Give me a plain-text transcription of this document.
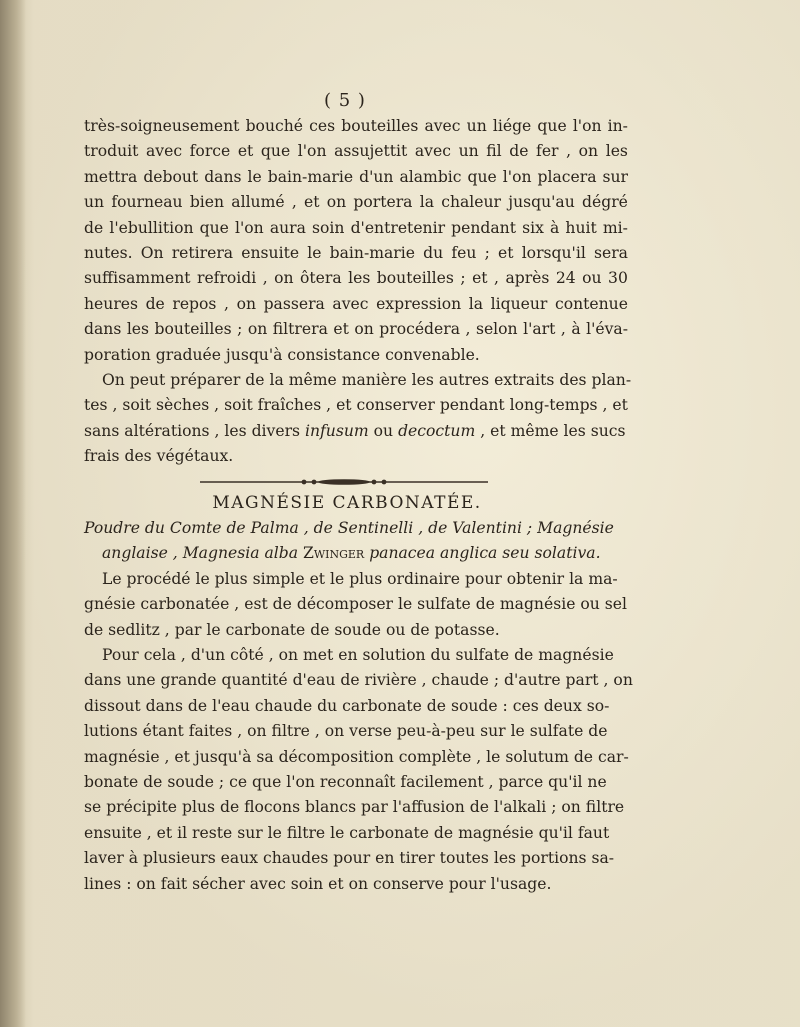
( 5 )
très-soigneusement bouché ces bouteilles avec un liége que l'on in-
troduit avec force et que l'on assujettit avec un fil de fer , on les
mettra debout dans le bain-marie d'un alambic que l'on placera sur
un fourneau bien allumé , et on portera la chaleur jusqu'au dégré
de l'ebullition que l'on aura soin d'entretenir pendant six à huit mi-
nutes. On retirera ensuite le bain-marie du feu ; et lorsqu'il sera
suffisamment refroidi , on ôtera les bouteilles ; et , après 24 ou 30
heures de repos , on passera avec expression la liqueur contenue
dans les bouteilles ; on filtrera et on procédera , selon l'art , à l'éva-
poration graduée jusqu'à consistance convenable.
On peut préparer de la même manière les autres extraits des plan-
tes , soit sèches , soit fraîches , et conserver pendant long-temps , et
sans altérations , les divers infusum ou decoctum , et même les sucs
frais des végétaux.
MAGNÉSIE CARBONATÉE.
Poudre du Comte de Palma , de Sentinelli , de Valentini ; Magnésie
anglaise , Magnesia alba Zwinger panacea anglica seu solativa.
Le procédé le plus simple et le plus ordinaire pour obtenir la ma-
gnésie carbonatée , est de décomposer le sulfate de magnésie ou sel
de sedlitz , par le carbonate de soude ou de potasse.
Pour cela , d'un côté , on met en solution du sulfate de magnésie
dans une grande quantité d'eau de rivière , chaude ; d'autre part , on
dissout dans de l'eau chaude du carbonate de soude : ces deux so-
lutions étant faites , on filtre , on verse peu-à-peu sur le sulfate de
magnésie , et jusqu'à sa décomposition complète , le solutum de car-
bonate de soude ; ce que l'on reconnaît facilement , parce qu'il ne
se précipite plus de flocons blancs par l'affusion de l'alkali ; on filtre
ensuite , et il reste sur le filtre le carbonate de magnésie qu'il faut
laver à plusieurs eaux chaudes pour en tirer toutes les portions sa-
lines : on fait sécher avec soin et on conserve pour l'usage.
